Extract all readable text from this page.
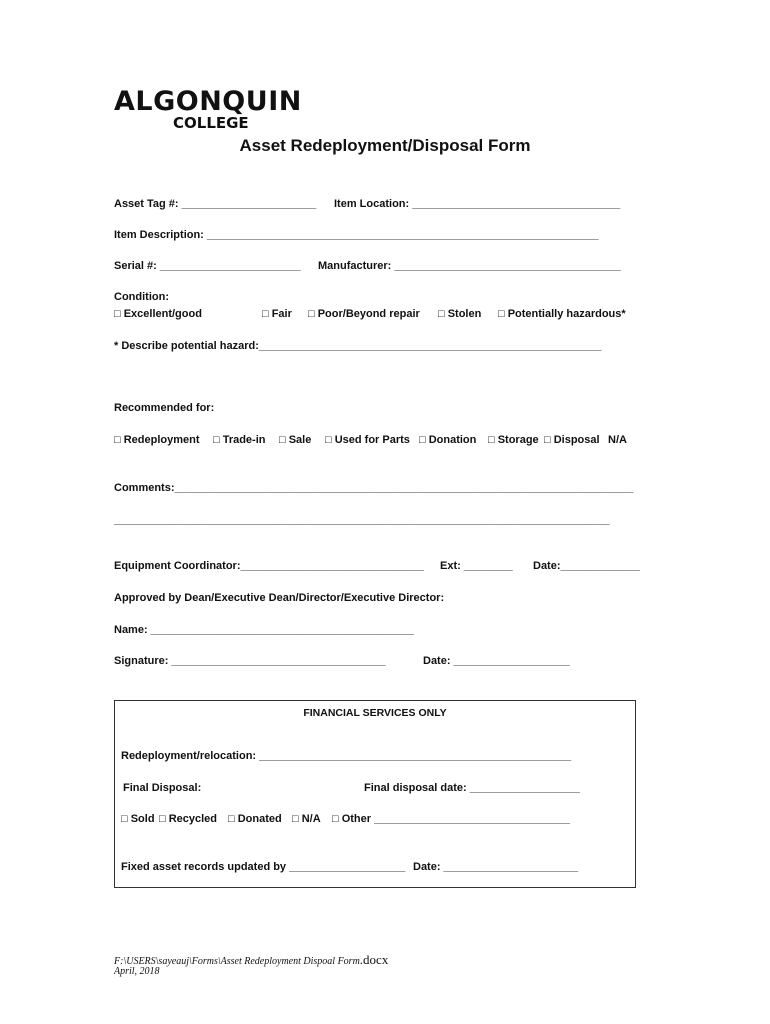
ALGONQUIN
COLLEGE
Asset Redeployment/Disposal Form
Asset Tag #: ______________________ Item Location: __________________________________
Item Description: ________________________________________________________________
Serial #: _______________________ Manufacturer: _____________________________________
Condition:
□ Excellent/good	□ Fair □ Poor/Beyond repair □ Stolen □ Potentially hazardous*
* Describe potential hazard:________________________________________________________
Recommended for:
□ Redeployment □ Trade-in □ Sale □ Used for Parts □ Donation □ Storage □ Disposal N/A
Comments:___________________________________________________________________________
_________________________________________________________________________________
Equipment Coordinator:______________________________ Ext: ________ Date:_____________
Approved by Dean/Executive Dean/Director/Executive Director:
Name: ___________________________________________
Signature: ___________________________________	Date: ___________________
FINANCIAL SERVICES ONLY
Redeployment/relocation: ___________________________________________________
Final Disposal:	Final disposal date: __________________
□ Sold □ Recycled □ Donated □ N/A □ Other ________________________________
Fixed asset records updated by ___________________ Date: ______________________
F:\USERS\sayeauj\Forms\Asset Redeployment Dispoal Form.docx
April, 2018
